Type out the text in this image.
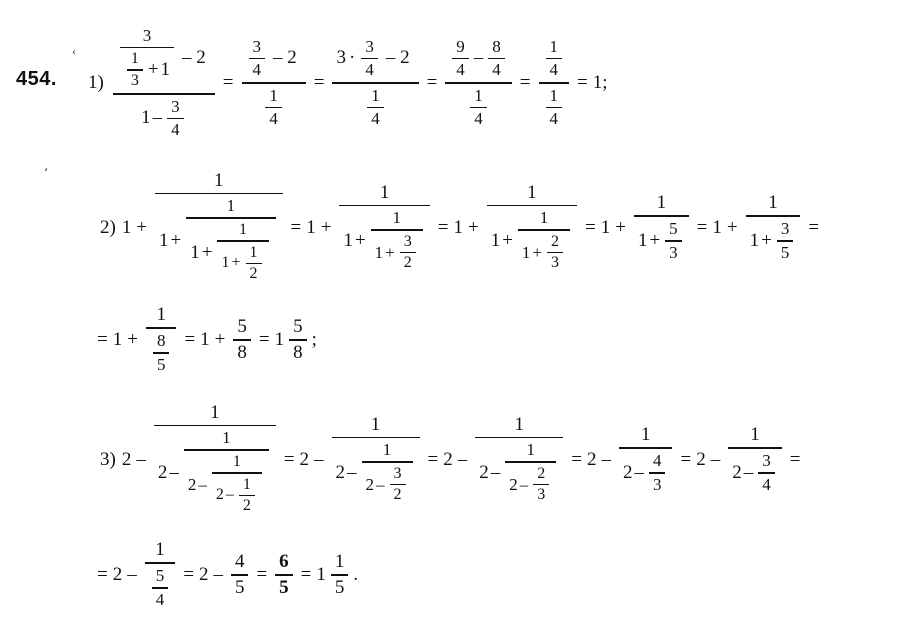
454.
‹
،
1)
3
$\frac{1}{3} + 1$
– 2
$1 - \frac{3}{4}$
= $\frac{\frac{3}{4} - 2}{\frac{1}{4}}$ =
$3 \cdot \frac{3}{4} - 2$
$\frac{1}{4}$
=
$\frac{9}{4} - \frac{8}{4}$
$\frac{1}{4}$
= $\frac{\frac{1}{4}}{\frac{1}{4}} = 1$;
2) 1 +
1
1 +
1
1 +
1
$1 + \frac{1}{2}$
= 1 +
1
1 +
1
$1 + \frac{3}{2}$
= 1 +
1
1 +
1
$1 + \frac{2}{3}$
= $1 + \frac{1}{1 + \frac{5}{3}} = 1 + \frac{1}{1 + \frac{3}{5}}$ =
= $1 + \frac{1}{\frac{8}{5}} = 1 + \frac{5}{8} = 1 \frac{5}{8}$ ;
3) 2 –
1
2 –
1
2 –
1
$2 - \frac{1}{2}$
= 2 –
1
2 –
1
$2 - \frac{3}{2}$
= 2 –
1
2 –
1
$2 - \frac{2}{3}$
= $2 - \frac{1}{2 - \frac{4}{3}} = 2 - \frac{1}{2 - \frac{3}{4}}$ =
= $2 - \frac{1}{\frac{5}{4}} = 2 - \frac{4}{5} = \frac{6}{5} = 1 \frac{1}{5}$ .
